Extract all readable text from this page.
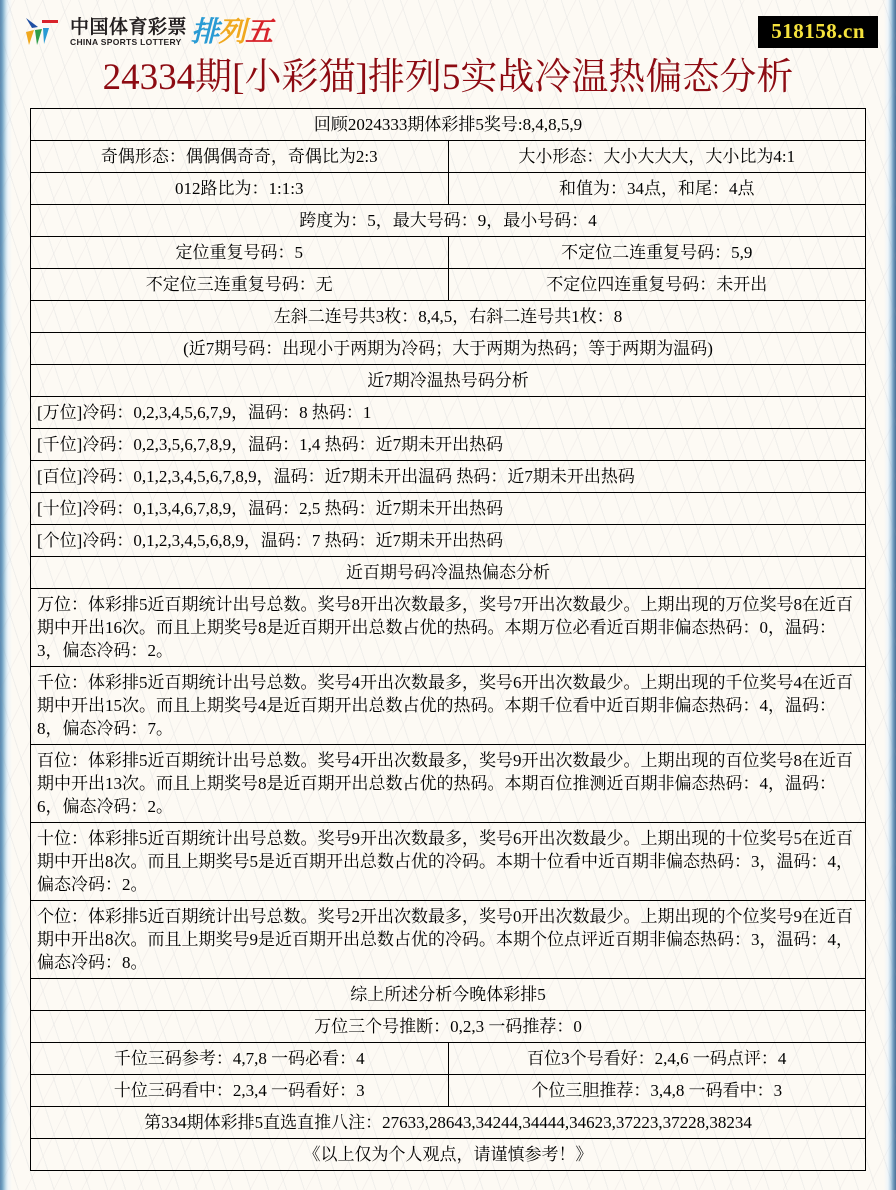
中国体育彩票
CHINA SPORTS LOTTERY 排列五	518158.cn
24334期[小彩猫]排列5实战冷温热偏态分析
回顾2024333期体彩排5奖号:8,4,8,5,9	
奇偶形态：偶偶偶奇奇，奇偶比为2:3	大小形态：大小大大大，大小比为4:1
012路比为：1:1:3	和值为：34点，和尾：4点
跨度为：5，最大号码：9，最小号码：4	
定位重复号码：5	不定位二连重复号码：5,9
不定位三连重复号码：无	不定位四连重复号码：未开出
左斜二连号共3枚：8,4,5，右斜二连号共1枚：8	
(近7期号码：出现小于两期为冷码；大于两期为热码；等于两期为温码)	
近7期冷温热号码分析	
[万位]冷码：0,2,3,4,5,6,7,9，温码：8 热码：1	
[千位]冷码：0,2,3,5,6,7,8,9，温码：1,4 热码：近7期未开出热码	
[百位]冷码：0,1,2,3,4,5,6,7,8,9，温码：近7期未开出温码 热码：近7期未开出热码	
[十位]冷码：0,1,3,4,6,7,8,9，温码：2,5 热码：近7期未开出热码	
[个位]冷码：0,1,2,3,4,5,6,8,9，温码：7 热码：近7期未开出热码	
近百期号码冷温热偏态分析	
万位：体彩排5近百期统计出号总数。奖号8开出次数最多，奖号7开出次数最少。上期出现的万位奖号8在近百期中开出16次。而且上期奖号8是近百期开出总数占优的热码。本期万位必看近百期非偏态热码：0，温码：3，偏态冷码：2。	
千位：体彩排5近百期统计出号总数。奖号4开出次数最多，奖号6开出次数最少。上期出现的千位奖号4在近百期中开出15次。而且上期奖号4是近百期开出总数占优的热码。本期千位看中近百期非偏态热码：4，温码：8，偏态冷码：7。	
百位：体彩排5近百期统计出号总数。奖号4开出次数最多，奖号9开出次数最少。上期出现的百位奖号8在近百期中开出13次。而且上期奖号8是近百期开出总数占优的热码。本期百位推测近百期非偏态热码：4，温码：6，偏态冷码：2。	
十位：体彩排5近百期统计出号总数。奖号9开出次数最多，奖号6开出次数最少。上期出现的十位奖号5在近百期中开出8次。而且上期奖号5是近百期开出总数占优的冷码。本期十位看中近百期非偏态热码：3，温码：4，偏态冷码：2。	
个位：体彩排5近百期统计出号总数。奖号2开出次数最多，奖号0开出次数最少。上期出现的个位奖号9在近百期中开出8次。而且上期奖号9是近百期开出总数占优的冷码。本期个位点评近百期非偏态热码：3，温码：4，偏态冷码：8。	
综上所述分析今晚体彩排5	
万位三个号推断：0,2,3 一码推荐：0	
千位三码参考：4,7,8 一码必看：4	百位3个号看好：2,4,6 一码点评：4
十位三码看中：2,3,4 一码看好：3	个位三胆推荐：3,4,8 一码看中：3
第334期体彩排5直选直推八注：27633,28643,34244,34444,34623,37223,37228,38234	
《以上仅为个人观点，请谨慎参考！》	
